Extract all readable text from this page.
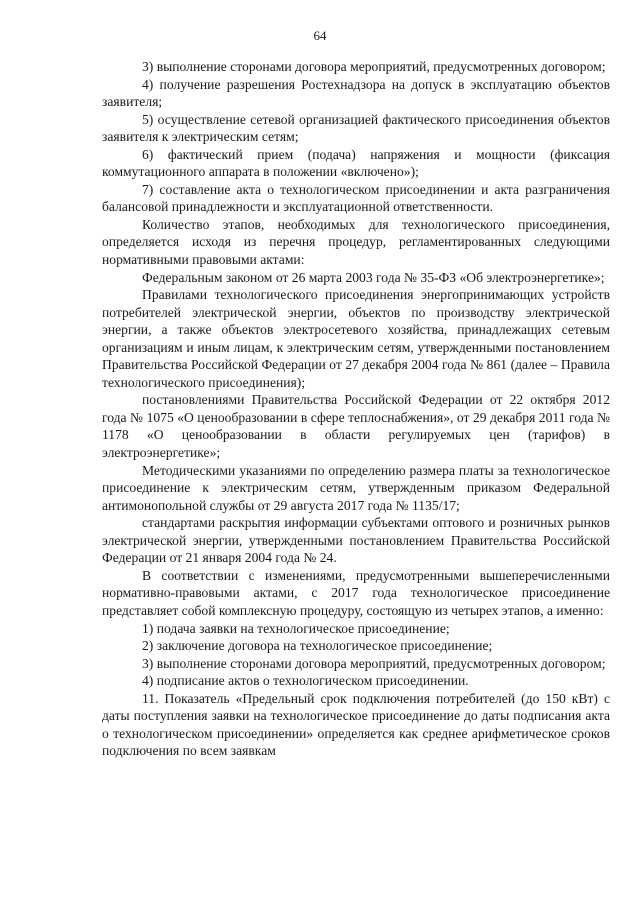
64

3) выполнение сторонами договора мероприятий, предусмотренных договором;

4) получение разрешения Ростехнадзора на допуск в эксплуатацию объектов заявителя;

5) осуществление сетевой организацией фактического присоединения объектов заявителя к электрическим сетям;

6) фактический прием (подача) напряжения и мощности (фиксация коммутационного аппарата в положении «включено»);

7) составление акта о технологическом присоединении и акта разграничения балансовой принадлежности и эксплуатационной ответственности.

Количество этапов, необходимых для технологического присоединения, определяется исходя из перечня процедур, регламентированных следующими нормативными правовыми актами:

Федеральным законом от 26 марта 2003 года № 35-ФЗ «Об электроэнергетике»;

Правилами технологического присоединения энергопринимающих устройств потребителей электрической энергии, объектов по производству электрической энергии, а также объектов электросетевого хозяйства, принадлежащих сетевым организациям и иным лицам, к электрическим сетям, утвержденными постановлением Правительства Российской Федерации от 27 декабря 2004 года № 861 (далее – Правила технологического присоединения);

постановлениями Правительства Российской Федерации от 22 октября 2012 года № 1075 «О ценообразовании в сфере теплоснабжения», от 29 декабря 2011 года № 1178 «О ценообразовании в области регулируемых цен (тарифов) в электроэнергетике»;

Методическими указаниями по определению размера платы за технологическое присоединение к электрическим сетям, утвержденным приказом Федеральной антимонопольной службы от 29 августа 2017 года № 1135/17;

стандартами раскрытия информации субъектами оптового и розничных рынков электрической энергии, утвержденными постановлением Правительства Российской Федерации от 21 января 2004 года № 24.

В соответствии с изменениями, предусмотренными вышеперечисленными нормативно-правовыми актами, с 2017 года технологическое присоединение представляет собой комплексную процедуру, состоящую из четырех этапов, а именно:

1) подача заявки на технологическое присоединение;

2) заключение договора на технологическое присоединение;

3) выполнение сторонами договора мероприятий, предусмотренных договором;

4) подписание актов о технологическом присоединении.

11. Показатель «Предельный срок подключения потребителей (до 150 кВт) с даты поступления заявки на технологическое присоединение до даты подписания акта о технологическом присоединении» определяется как среднее арифметическое сроков подключения по всем заявкам
